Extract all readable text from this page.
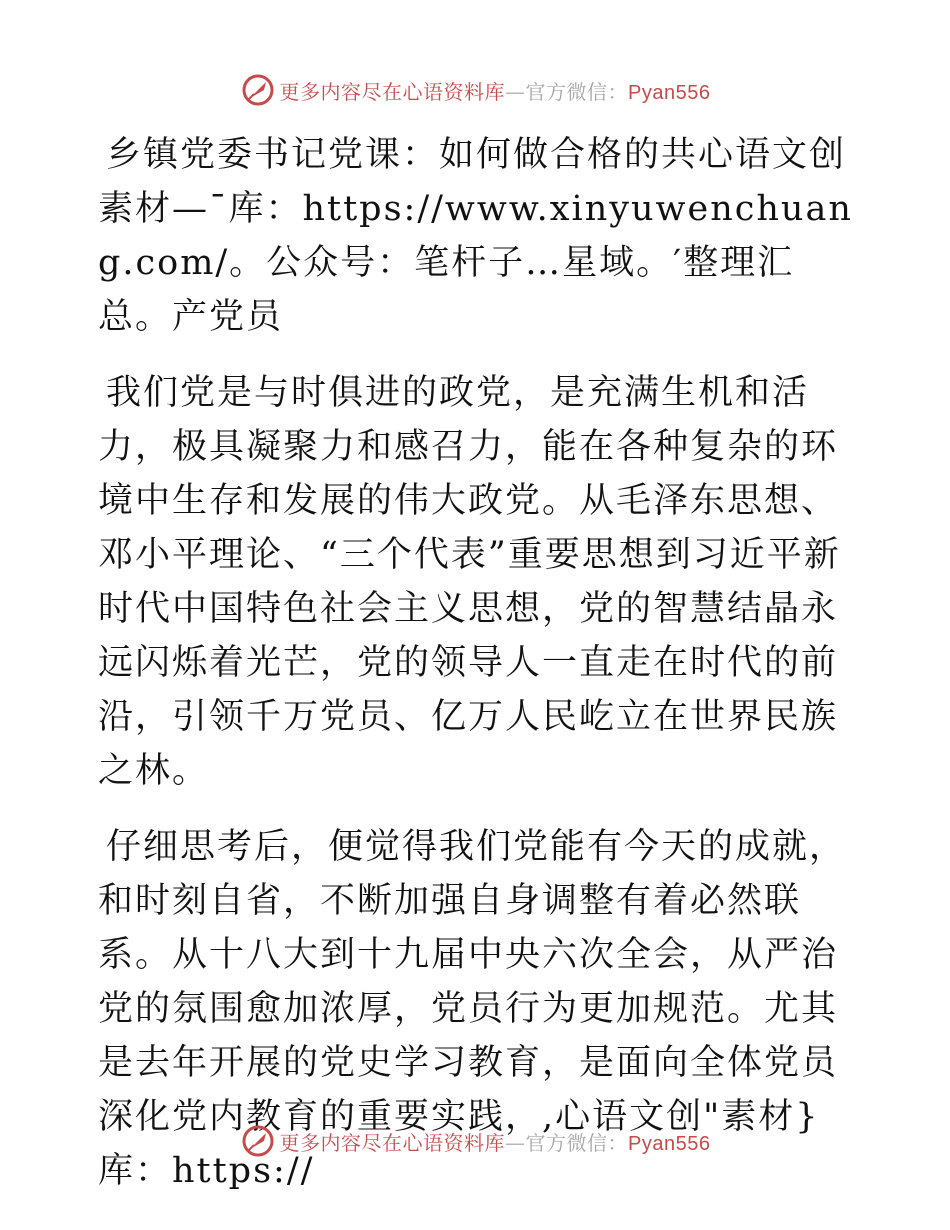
更多内容尽在心语资料库—官方微信：Pyan556

乡镇党委书记党课：如何做合格的共心语文创素材—¯库：https://www.xinyuwenchuang.com/。公众号：笔杆子…星域。′整理汇总。产党员

我们党是与时俱进的政党，是充满生机和活力，极具凝聚力和感召力，能在各种复杂的环境中生存和发展的伟大政党。从毛泽东思想、邓小平理论、“三个代表”重要思想到习近平新时代中国特色社会主义思想，党的智慧结晶永远闪烁着光芒，党的领导人一直走在时代的前沿，引领千万党员、亿万人民屹立在世界民族之林。

仔细思考后，便觉得我们党能有今天的成就，和时刻自省，不断加强自身调整有着必然联系。从十八大到十九届中央六次全会，从严治党的氛围愈加浓厚，党员行为更加规范。尤其是去年开展的党史学习教育，是面向全体党员深化党内教育的重要实践，,心语文创"素材}库：https://

更多内容尽在心语资料库—官方微信：Pyan556
